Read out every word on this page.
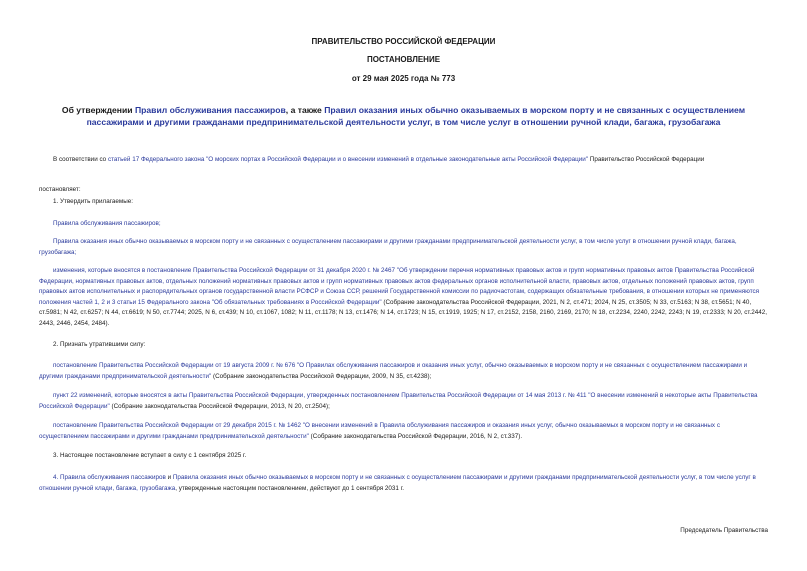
ПРАВИТЕЛЬСТВО РОССИЙСКОЙ ФЕДЕРАЦИИ
ПОСТАНОВЛЕНИЕ
от 29 мая 2025 года № 773
Об утверждении Правил обслуживания пассажиров, а также Правил оказания иных обычно оказываемых в морском порту и не связанных с осуществлением пассажирами и другими гражданами предпринимательской деятельности услуг, в том числе услуг в отношении ручной клади, багажа, грузобагажа

В соответствии со статьей 17 Федерального закона "О морских портах в Российской Федерации и о внесении изменений в отдельные законодательные акты Российской Федерации" Правительство Российской Федерации

постановляет:

1. Утвердить прилагаемые:

Правила обслуживания пассажиров;

Правила оказания иных обычно оказываемых в морском порту и не связанных с осуществлением пассажирами и другими гражданами предпринимательской деятельности услуг, в том числе услуг в отношении ручной клади, багажа, грузобагажа;

изменения, которые вносятся в постановление Правительства Российской Федерации от 31 декабря 2020 г. № 2467 "Об утверждении перечня нормативных правовых актов и групп нормативных правовых актов Правительства Российской Федерации, нормативных правовых актов, отдельных положений нормативных правовых актов и групп нормативных правовых актов федеральных органов исполнительной власти, правовых актов, отдельных положений правовых актов, групп правовых актов исполнительных и распорядительных органов государственной власти РСФСР и Союза ССР, решений Государственной комиссии по радиочастотам, содержащих обязательные требования, в отношении которых не применяются положения частей 1, 2 и 3 статьи 15 Федерального закона "Об обязательных требованиях в Российской Федерации" (Собрание законодательства Российской Федерации, 2021, N 2, ст.471; 2024, N 25, ст.3505; N 33, ст.5163; N 38, ст.5651; N 40, ст.5981; N 42, ст.6257; N 44, ст.6619; N 50, ст.7744; 2025, N 6, ст.439; N 10, ст.1067, 1082; N 11, ст.1178; N 13, ст.1476; N 14, ст.1723; N 15, ст.1919, 1925; N 17, ст.2152, 2158, 2160, 2169, 2170; N 18, ст.2234, 2240, 2242, 2243; N 19, ст.2333; N 20, ст.2442, 2443, 2446, 2454, 2484).

2. Признать утратившими силу:

постановление Правительства Российской Федерации от 19 августа 2009 г. № 676 "О Правилах обслуживания пассажиров и оказания иных услуг, обычно оказываемых в морском порту и не связанных с осуществлением пассажирами и другими гражданами предпринимательской деятельности" (Собрание законодательства Российской Федерации, 2009, N 35, ст.4238);

пункт 22 изменений, которые вносятся в акты Правительства Российской Федерации, утвержденных постановлением Правительства Российской Федерации от 14 мая 2013 г. № 411 "О внесении изменений в некоторые акты Правительства Российской Федерации" (Собрание законодательства Российской Федерации, 2013, N 20, ст.2504);

постановление Правительства Российской Федерации от 29 декабря 2015 г. № 1462 "О внесении изменений в Правила обслуживания пассажиров и оказания иных услуг, обычно оказываемых в морском порту и не связанных с осуществлением пассажирами и другими гражданами предпринимательской деятельности" (Собрание законодательства Российской Федерации, 2016, N 2, ст.337).

3. Настоящее постановление вступает в силу с 1 сентября 2025 г.

4. Правила обслуживания пассажиров и Правила оказания иных обычно оказываемых в морском порту и не связанных с осуществлением пассажирами и другими гражданами предпринимательской деятельности услуг, в том числе услуг в отношении ручной клади, багажа, грузобагажа, утвержденные настоящим постановлением, действуют до 1 сентября 2031 г.

Председатель Правительства
